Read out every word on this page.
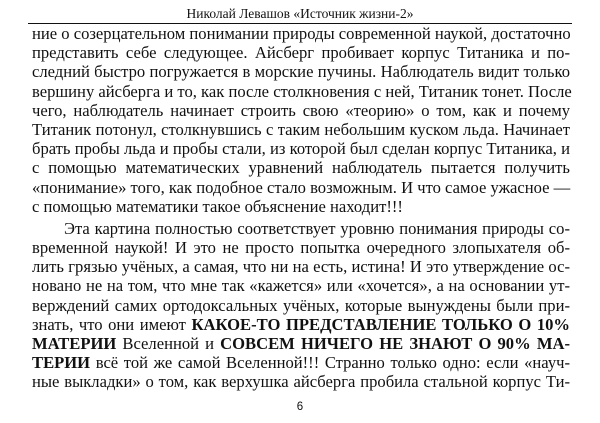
Николай Левашов «Источник жизни-2»
ние о созерцательном понимании природы современной наукой, достаточно
представить себе следующее. Айсберг пробивает корпус Титаника и по-
следний быстро погружается в морские пучины. Наблюдатель видит только
вершину айсберга и то, как после столкновения с ней, Титаник тонет. После
чего, наблюдатель начинает строить свою «теорию» о том, как и почему
Титаник потонул, столкнувшись с таким небольшим куском льда. Начинает
брать пробы льда и пробы стали, из которой был сделан корпус Титаника, и
с помощью математических уравнений наблюдатель пытается получить
«понимание» того, как подобное стало возможным. И что самое ужасное —
с помощью математики такое объяснение находит!!!
Эта картина полностью соответствует уровню понимания природы со-
временной наукой! И это не просто попытка очередного злопыхателя об-
лить грязью учёных, а самая, что ни на есть, истина! И это утверждение ос-
новано не на том, что мне так «кажется» или «хочется», а на основании ут-
верждений самих ортодоксальных учёных, которые вынуждены были при-
знать, что они имеют КАКОЕ-ТО ПРЕДСТАВЛЕНИЕ ТОЛЬКО О 10%
МАТЕРИИ Вселенной и СОВСЕМ НИЧЕГО НЕ ЗНАЮТ О 90% МА-
ТЕРИИ всё той же самой Вселенной!!! Странно только одно: если «науч-
ные выкладки» о том, как верхушка айсберга пробила стальной корпус Ти-
6
